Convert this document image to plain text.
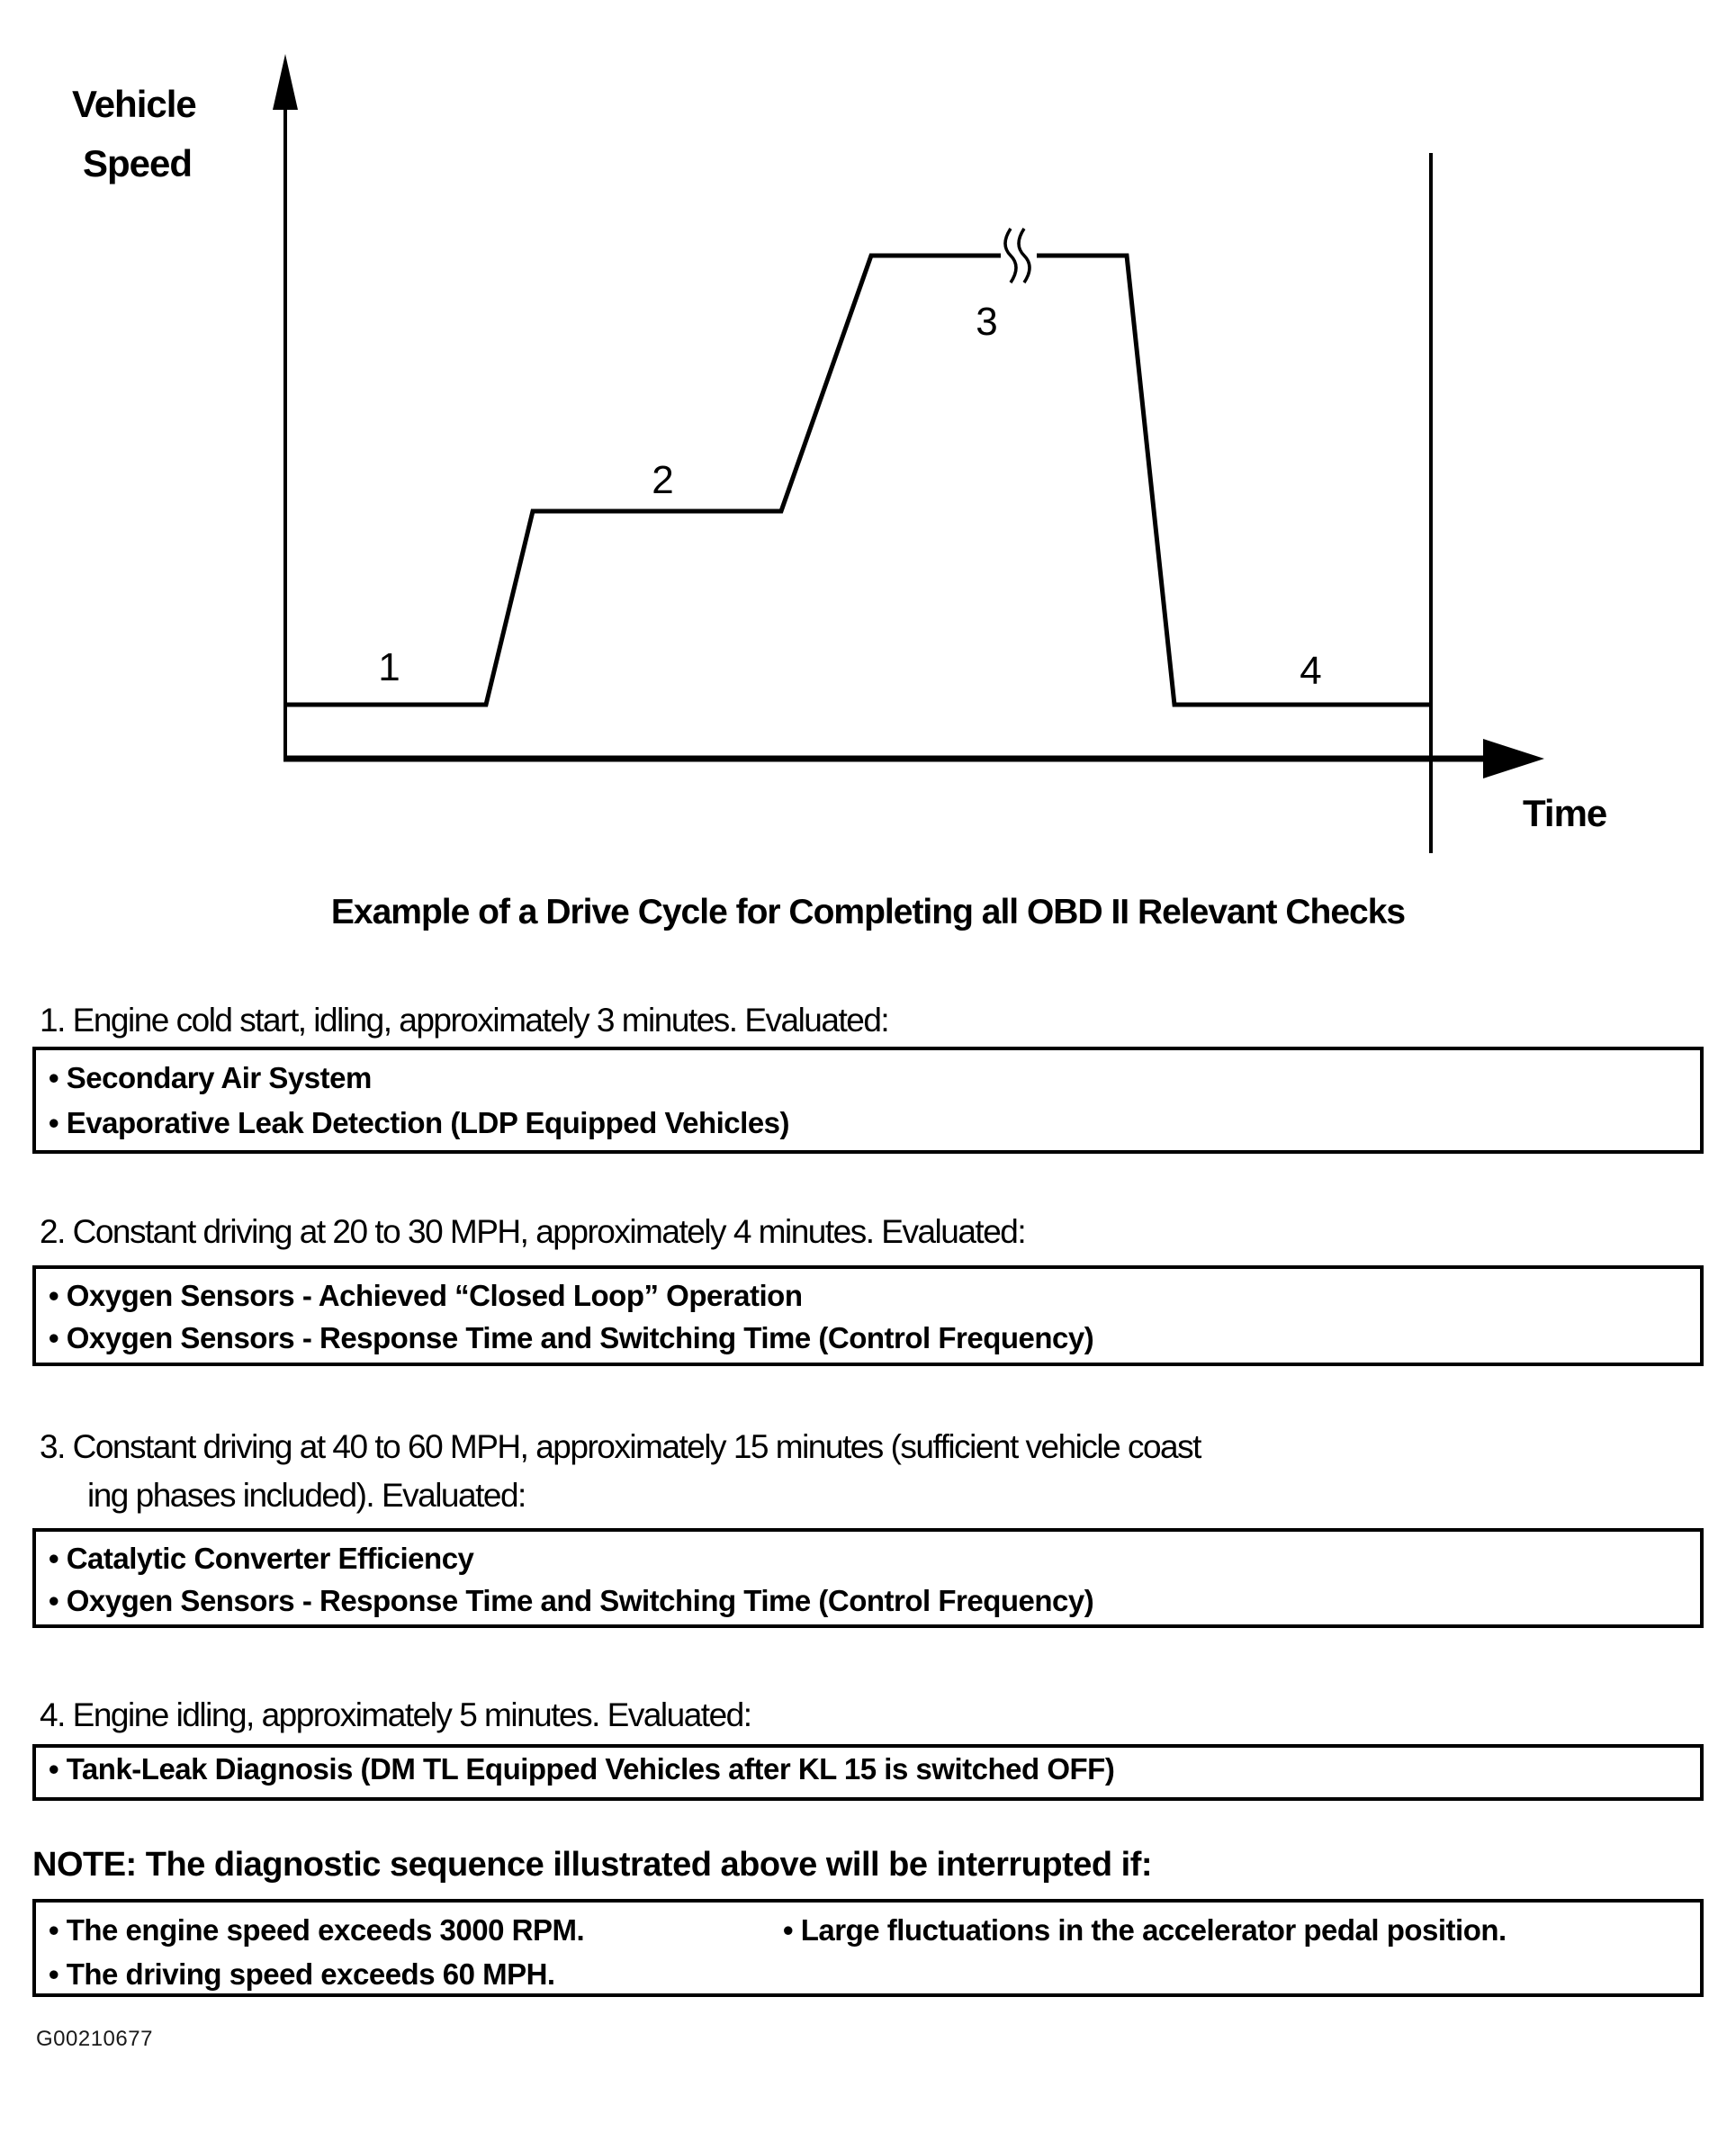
1
2
3
4
Vehicle
Speed
Time
Example of a Drive Cycle for Completing all OBD II Relevant Checks
1. Engine cold start, idling, approximately 3 minutes. Evaluated:
• Secondary Air System
• Evaporative Leak Detection (LDP Equipped Vehicles)
2. Constant driving at 20 to 30 MPH, approximately 4 minutes. Evaluated:
• Oxygen Sensors - Achieved “Closed Loop” Operation
• Oxygen Sensors - Response Time and Switching Time (Control Frequency)
3. Constant driving at 40 to 60 MPH, approximately 15 minutes (sufficient vehicle coast
ing phases included). Evaluated:
• Catalytic Converter Efficiency
• Oxygen Sensors - Response Time and Switching Time (Control Frequency)
4. Engine idling, approximately 5 minutes. Evaluated:
• Tank-Leak Diagnosis (DM TL Equipped Vehicles after KL 15 is switched OFF)
NOTE: The diagnostic sequence illustrated above will be interrupted if:
• The engine speed exceeds 3000 RPM.
• The driving speed exceeds 60 MPH.
• Large fluctuations in the accelerator pedal position.
G00210677
